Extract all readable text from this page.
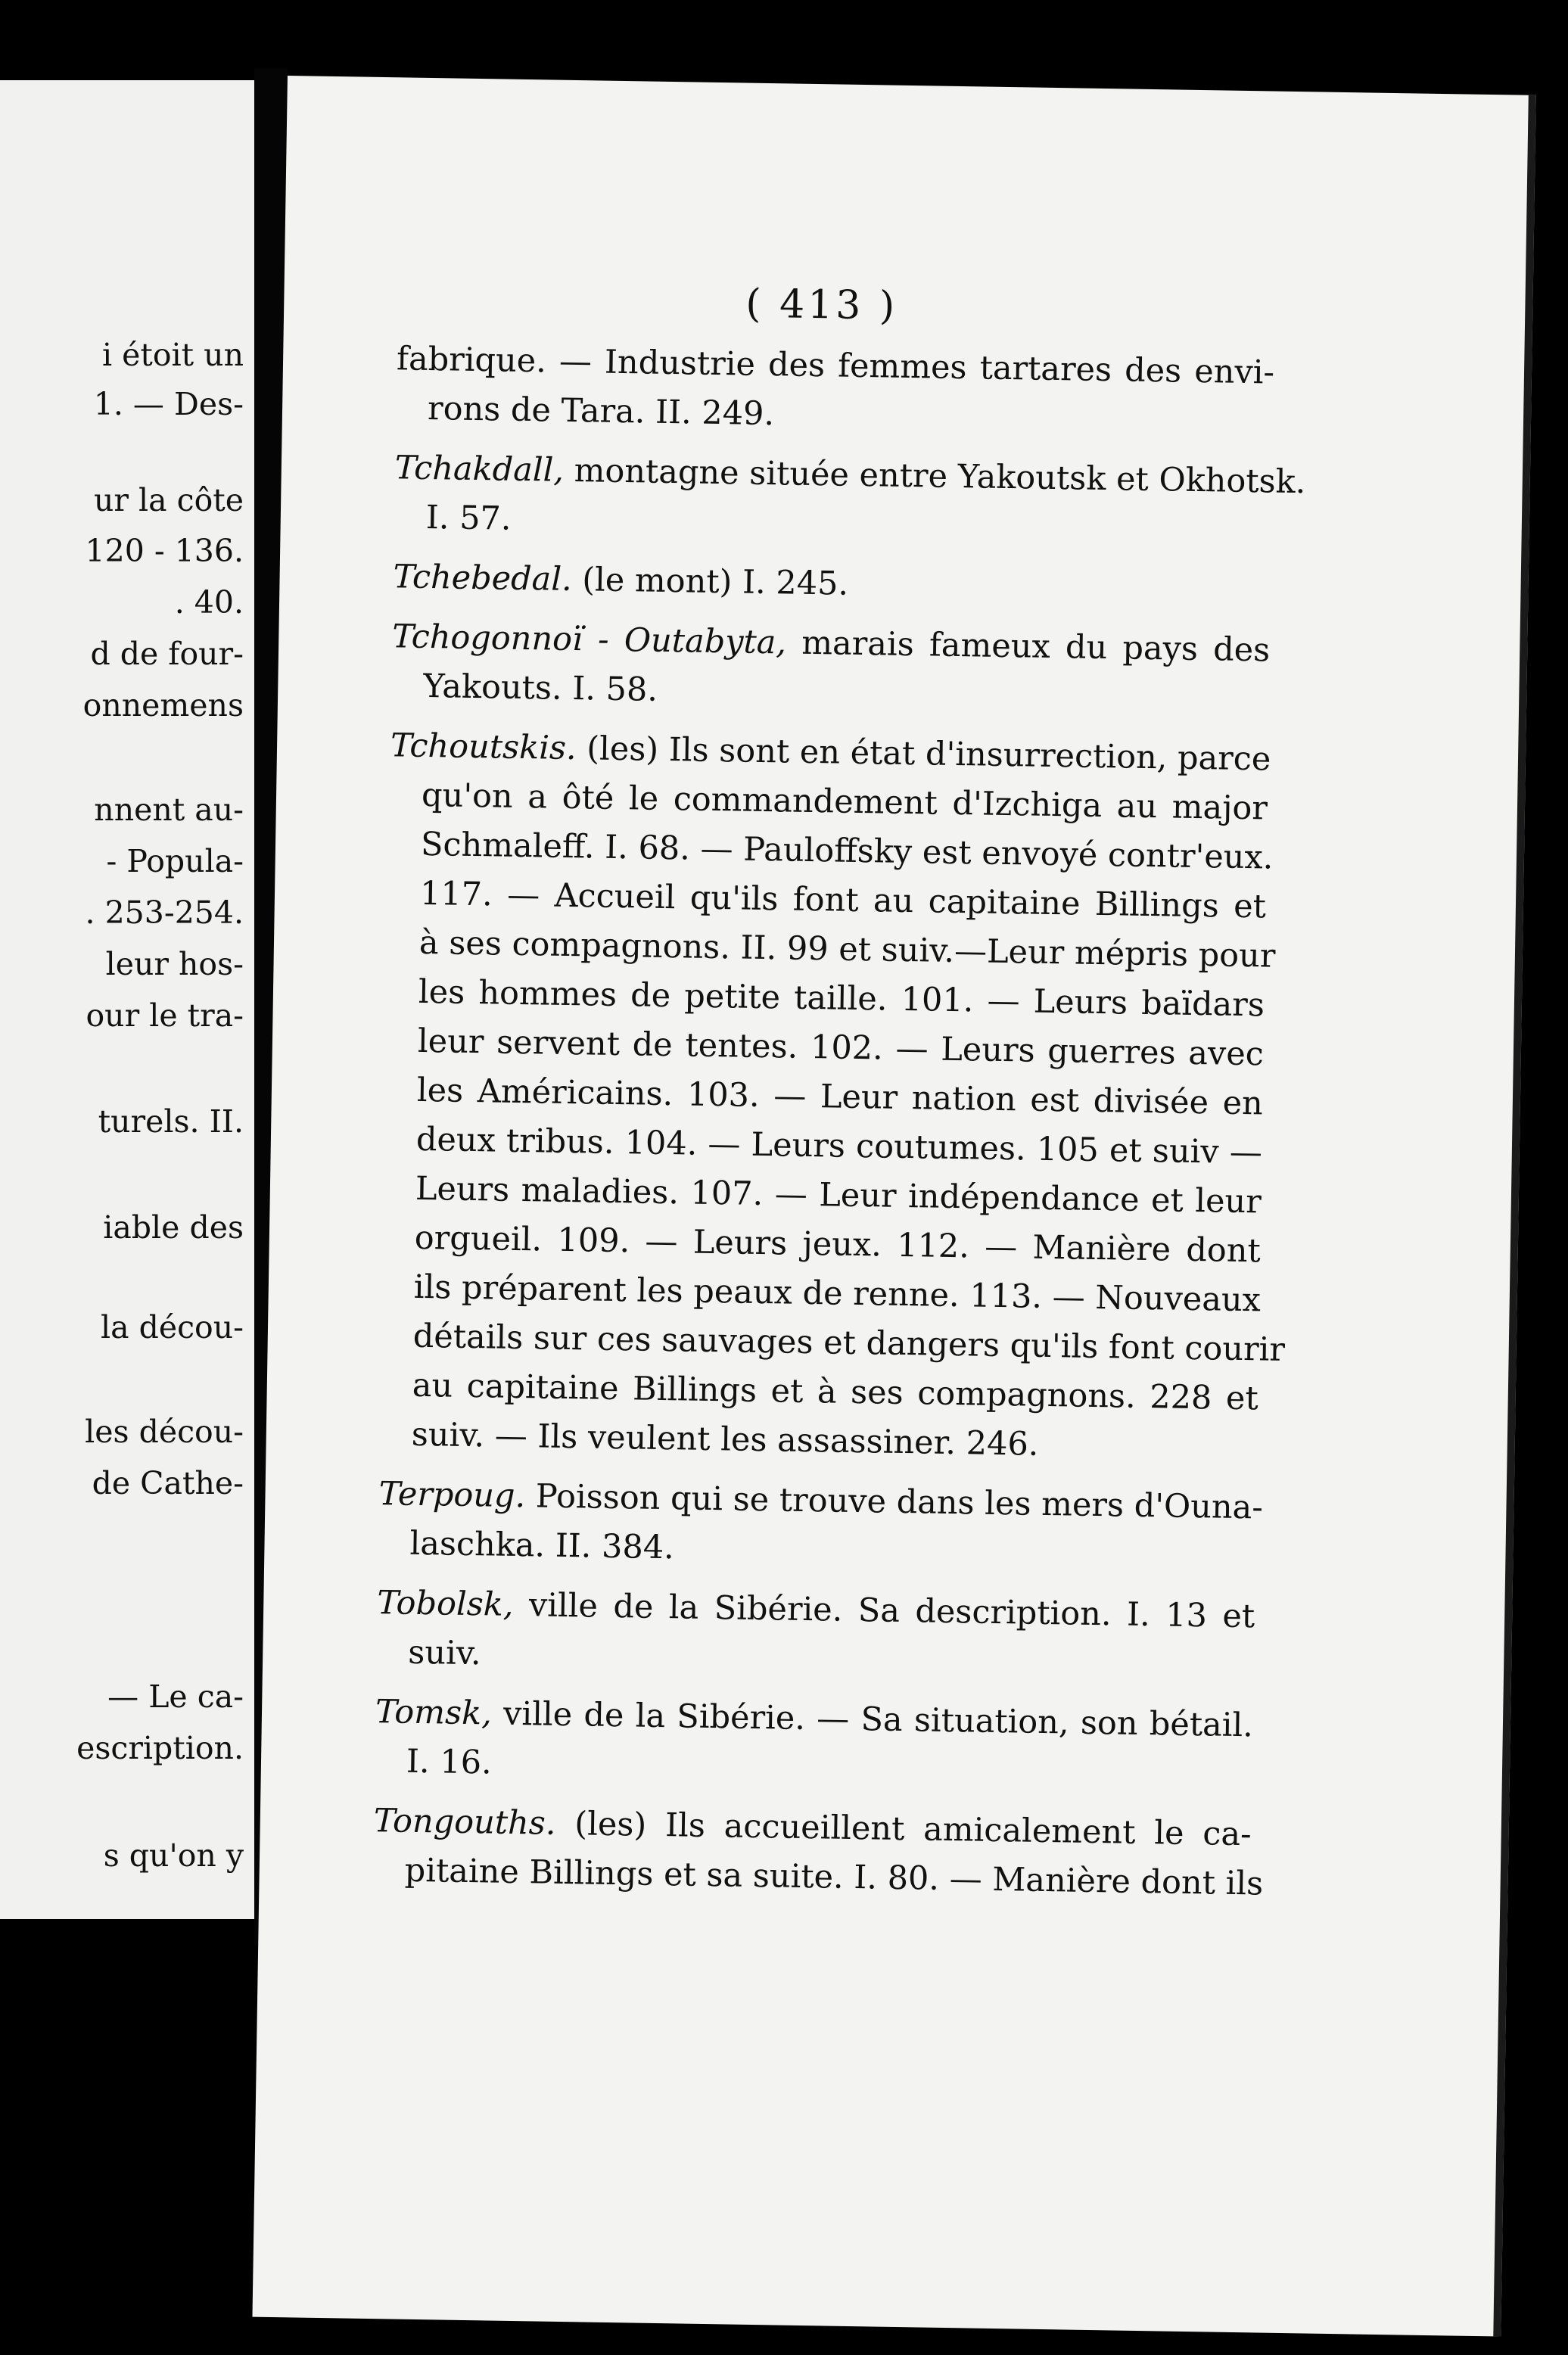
i étoit un
1. — Des-
ur la côte
120 - 136.
. 40.
d de four-
onnemens
nnent au-
- Popula-
. 253-254.
leur hos-
our le tra-
turels. II.
iable des
la décou-
les décou-
de Cathe-
— Le ca-
escription.
s qu'on y
( 413 )
fabrique. — Industrie des femmes tartares des envi-
rons de Tara. II. 249.
Tchakdall, montagne située entre Yakoutsk et Okhotsk.
I. 57.
Tchebedal. (le mont) I. 245.
Tchogonnoï - Outabyta, marais fameux du pays des
Yakouts. I. 58.
Tchoutskis. (les) Ils sont en état d'insurrection, parce
qu'on a ôté le commandement d'Izchiga au major
Schmaleff. I. 68. — Pauloffsky est envoyé contr'eux.
117. — Accueil qu'ils font au capitaine Billings et
à ses compagnons. II. 99 et suiv.—Leur mépris pour
les hommes de petite taille. 101. — Leurs baïdars
leur servent de tentes. 102. — Leurs guerres avec
les Américains. 103. — Leur nation est divisée en
deux tribus. 104. — Leurs coutumes. 105 et suiv —
Leurs maladies. 107. — Leur indépendance et leur
orgueil. 109. — Leurs jeux. 112. — Manière dont
ils préparent les peaux de renne. 113. — Nouveaux
détails sur ces sauvages et dangers qu'ils font courir
au capitaine Billings et à ses compagnons. 228 et
suiv. — Ils veulent les assassiner. 246.
Terpoug. Poisson qui se trouve dans les mers d'Ouna-
laschka. II. 384.
Tobolsk, ville de la Sibérie. Sa description. I. 13 et
suiv.
Tomsk, ville de la Sibérie. — Sa situation, son bétail.
I. 16.
Tongouths. (les) Ils accueillent amicalement le ca-
pitaine Billings et sa suite. I. 80. — Manière dont ils
